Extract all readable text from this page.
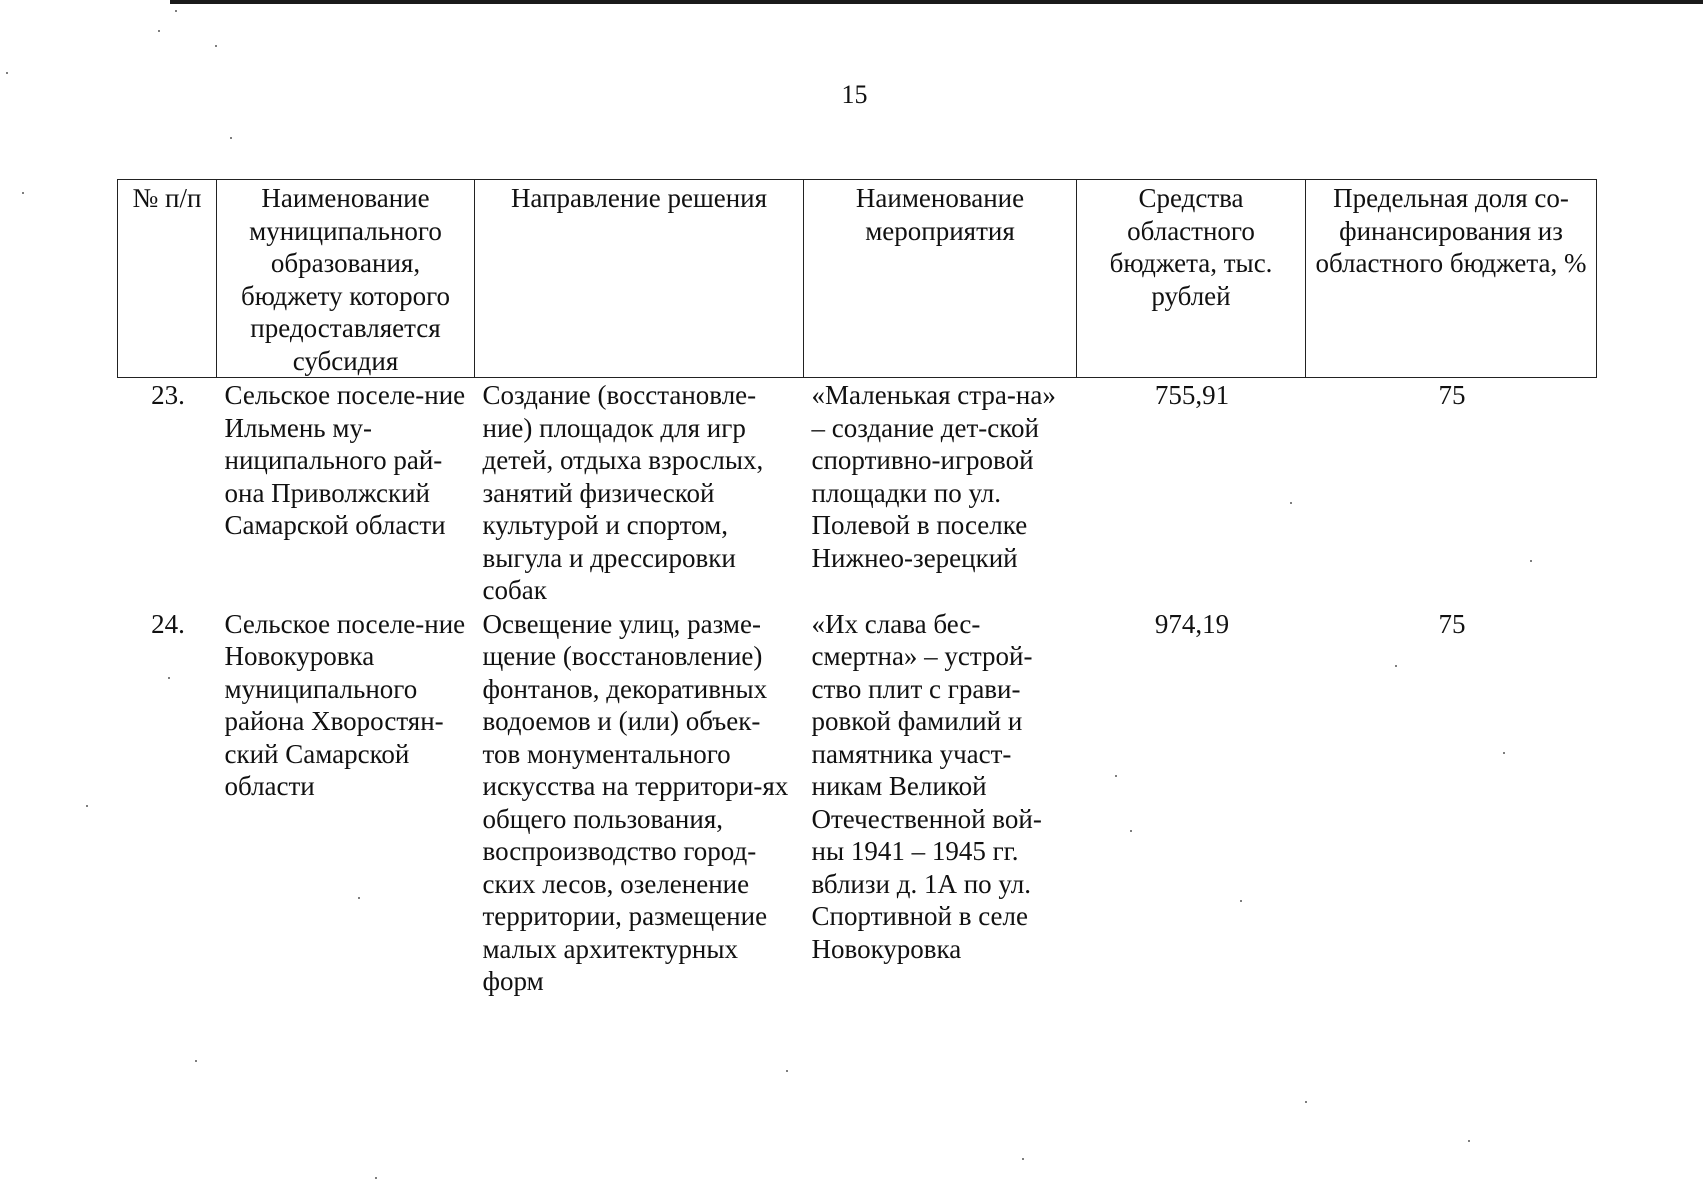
15
№ п/п	Наименование муниципального образования, бюджету которого предоставляется субсидия	Направление решения	Наименование мероприятия	Средства областного бюджета, тыс. рублей	Предельная доля со-финансирования из областного бюджета, %
23.	Сельское поселе-ние Ильмень му-ниципального рай-она Приволжский Самарской области	Создание (восстановле-ние) площадок для игр детей, отдыха взрослых, занятий физической культурой и спортом, выгула и дрессировки собак	«Маленькая стра-на» – создание дет-ской спортивно-игровой площадки по ул. Полевой в поселке Нижнео-зерецкий	755,91	75
24.	Сельское поселе-ние Новокуровка муниципального района Хворостян-ский Самарской области	Освещение улиц, разме-щение (восстановление) фонтанов, декоративных водоемов и (или) объек-тов монументального искусства на территори-ях общего пользования, воспроизводство город-ских лесов, озеленение территории, размещение малых архитектурных форм	«Их слава бес-смертна» – устрой-ство плит с грави-ровкой фамилий и памятника участ-никам Великой Отечественной вой-ны 1941 – 1945 гг. вблизи д. 1А по ул. Спортивной в селе Новокуровка	974,19	75
